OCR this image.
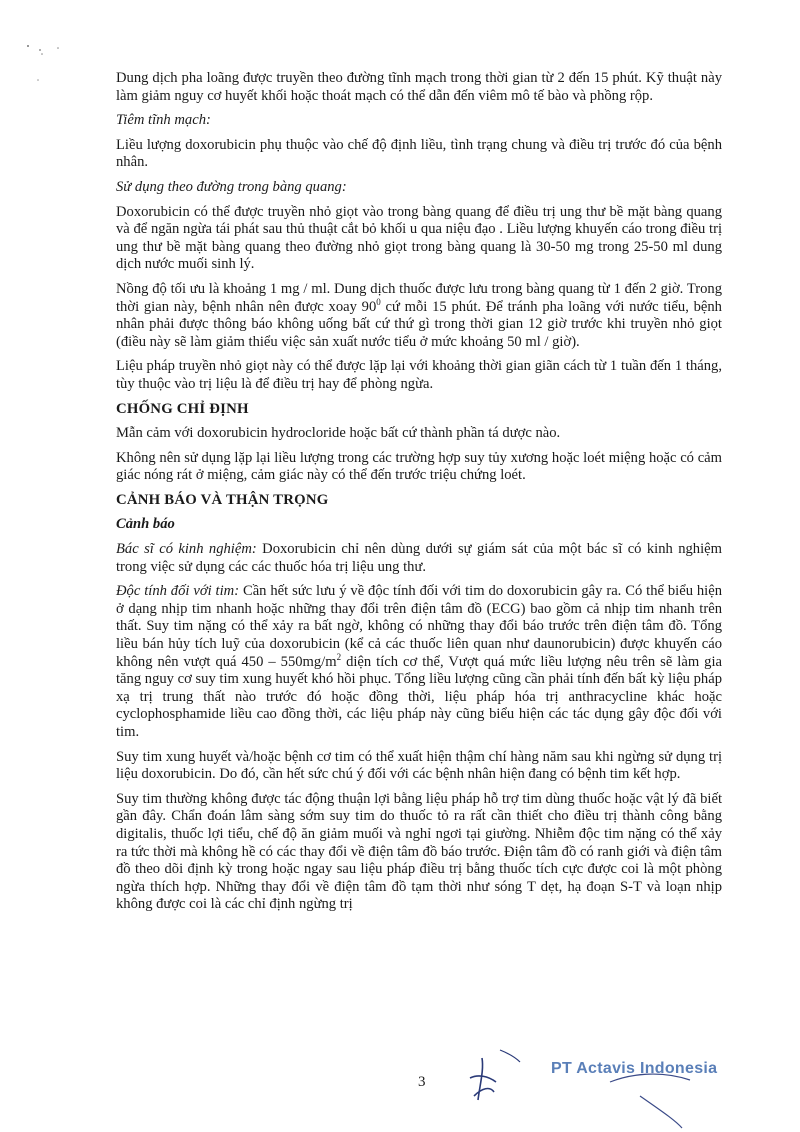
Dung dịch pha loãng được truyền theo đường tĩnh mạch trong thời gian từ 2 đến 15 phút. Kỹ thuật này làm giảm nguy cơ huyết khối hoặc thoát mạch có thể dẫn đến viêm mô tế bào và phồng rộp.

Tiêm tĩnh mạch:

Liều lượng doxorubicin phụ thuộc vào chế độ định liều, tình trạng chung và điều trị trước đó của bệnh nhân.

Sử dụng theo đường trong bàng quang:

Doxorubicin có thể được truyền nhỏ giọt vào trong bàng quang để điều trị ung thư bề mặt bàng quang và để ngăn ngừa tái phát sau thủ thuật cắt bỏ khối u qua niệu đạo . Liều lượng khuyến cáo trong điều trị ung thư bề mặt bàng quang theo đường nhỏ giọt trong bàng quang là 30-50 mg trong 25-50 ml dung dịch nước muối sinh lý.

Nồng độ tối ưu là khoảng 1 mg / ml. Dung dịch thuốc được lưu trong bàng quang từ 1 đến 2 giờ. Trong thời gian này, bệnh nhân nên được xoay $90^0$ cứ mỗi 15 phút. Để tránh pha loãng với nước tiểu, bệnh nhân phải được thông báo không uống bất cứ thứ gì trong thời gian 12 giờ trước khi truyền nhỏ giọt (điều này sẽ làm giảm thiểu việc sản xuất nước tiểu ở mức khoảng 50 ml / giờ).

Liệu pháp truyền nhỏ giọt này có thể được lặp lại với khoảng thời gian giãn cách từ 1 tuần đến 1 tháng, tùy thuộc vào trị liệu là để điều trị hay để phòng ngừa.

CHỐNG CHỈ ĐỊNH

Mẫn cảm với doxorubicin hydrocloride hoặc bất cứ thành phần tá dược nào.

Không nên sử dụng lặp lại liều lượng trong các trường hợp suy tủy xương hoặc loét miệng hoặc có cảm giác nóng rát ở miệng, cảm giác này có thể đến trước triệu chứng loét.

CẢNH BÁO VÀ THẬN TRỌNG
Cảnh báo

Bác sĩ có kinh nghiệm: Doxorubicin chỉ nên dùng dưới sự giám sát của một bác sĩ có kinh nghiệm trong việc sử dụng các các thuốc hóa trị liệu ung thư.

Độc tính đối với tim: Cần hết sức lưu ý về độc tính đối với tim do doxorubicin gây ra. Có thể biểu hiện ở dạng nhịp tim nhanh hoặc những thay đổi trên điện tâm đồ (ECG) bao gồm cả nhịp tim nhanh trên thất. Suy tim nặng có thể xảy ra bất ngờ, không có những thay đổi báo trước trên điện tâm đồ. Tổng liều bán hủy tích luỹ của doxorubicin (kể cả các thuốc liên quan như daunorubicin) được khuyến cáo không nên vượt quá $450 - 550mg/m^2$ diện tích cơ thể, Vượt quá mức liều lượng nêu trên sẽ làm gia tăng nguy cơ suy tim xung huyết khó hồi phục. Tổng liều lượng cũng cần phải tính đến bất kỳ liệu pháp xạ trị trung thất nào trước đó hoặc đồng thời, liệu pháp hóa trị anthracycline khác hoặc cyclophosphamide liều cao đồng thời, các liệu pháp này cũng biểu hiện các tác dụng gây độc đối với tim.

Suy tim xung huyết và/hoặc bệnh cơ tim có thể xuất hiện thậm chí hàng năm sau khi ngừng sử dụng trị liệu doxorubicin. Do đó, cần hết sức chú ý đối với các bệnh nhân hiện đang có bệnh tim kết hợp.

Suy tim thường không được tác động thuận lợi bằng liệu pháp hỗ trợ tim dùng thuốc hoặc vật lý đã biết gần đây. Chẩn đoán lâm sàng sớm suy tim do thuốc tỏ ra rất cần thiết cho điều trị thành công bằng digitalis, thuốc lợi tiểu, chế độ ăn giảm muối và nghỉ ngơi tại giường. Nhiễm độc tim nặng có thể xảy ra tức thời mà không hề có các thay đổi về điện tâm đồ báo trước. Điện tâm đồ có ranh giới và điện tâm đồ theo dõi định kỳ trong hoặc ngay sau liệu pháp điều trị bằng thuốc tích cực được coi là một phòng ngừa thích hợp. Những thay đổi về điện tâm đồ tạm thời như sóng T dẹt, hạ đoạn S-T và loạn nhịp không được coi là các chỉ định ngừng trị

3
PT Actavis Indonesia
